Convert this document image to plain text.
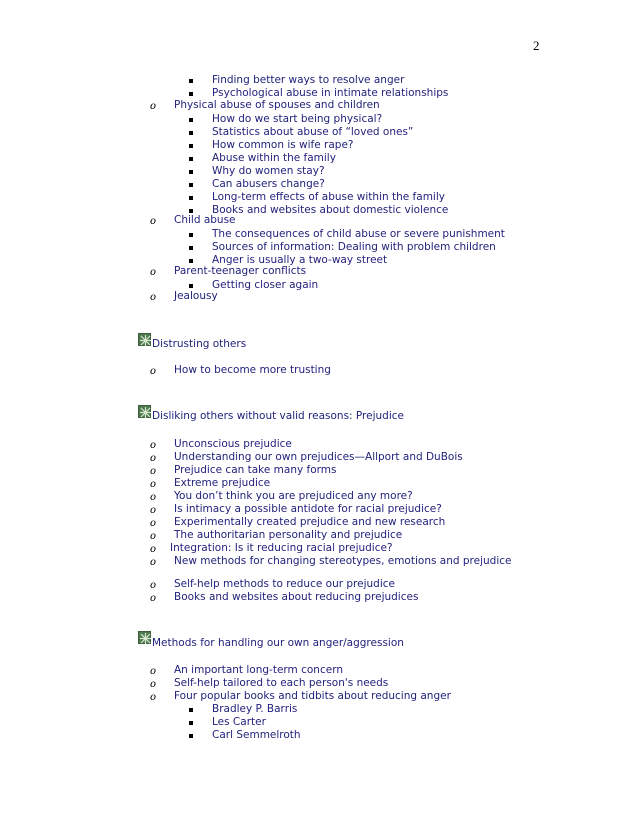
2
Finding better ways to resolve anger
Psychological abuse in intimate relationships
o Physical abuse of spouses and children
How do we start being physical?
Statistics about abuse of “loved ones”
How common is wife rape?
Abuse within the family
Why do women stay?
Can abusers change?
Long-term effects of abuse within the family
Books and websites about domestic violence
o Child abuse
The consequences of child abuse or severe punishment
Sources of information: Dealing with problem children
Anger is usually a two-way street
o Parent-teenager conflicts
Getting closer again
o Jealousy
Distrusting others
o How to become more trusting
Disliking others without valid reasons: Prejudice
o Unconscious prejudice
o Understanding our own prejudices—Allport and DuBois
o Prejudice can take many forms
o Extreme prejudice
o You don’t think you are prejudiced any more?
o Is intimacy a possible antidote for racial prejudice?
o Experimentally created prejudice and new research
o The authoritarian personality and prejudice
o Integration: Is it reducing racial prejudice?
o New methods for changing stereotypes, emotions and prejudice
o Self-help methods to reduce our prejudice
o Books and websites about reducing prejudices
Methods for handling our own anger/aggression
o An important long-term concern
o Self-help tailored to each person's needs
o Four popular books and tidbits about reducing anger
Bradley P. Barris
Les Carter
Carl Semmelroth
